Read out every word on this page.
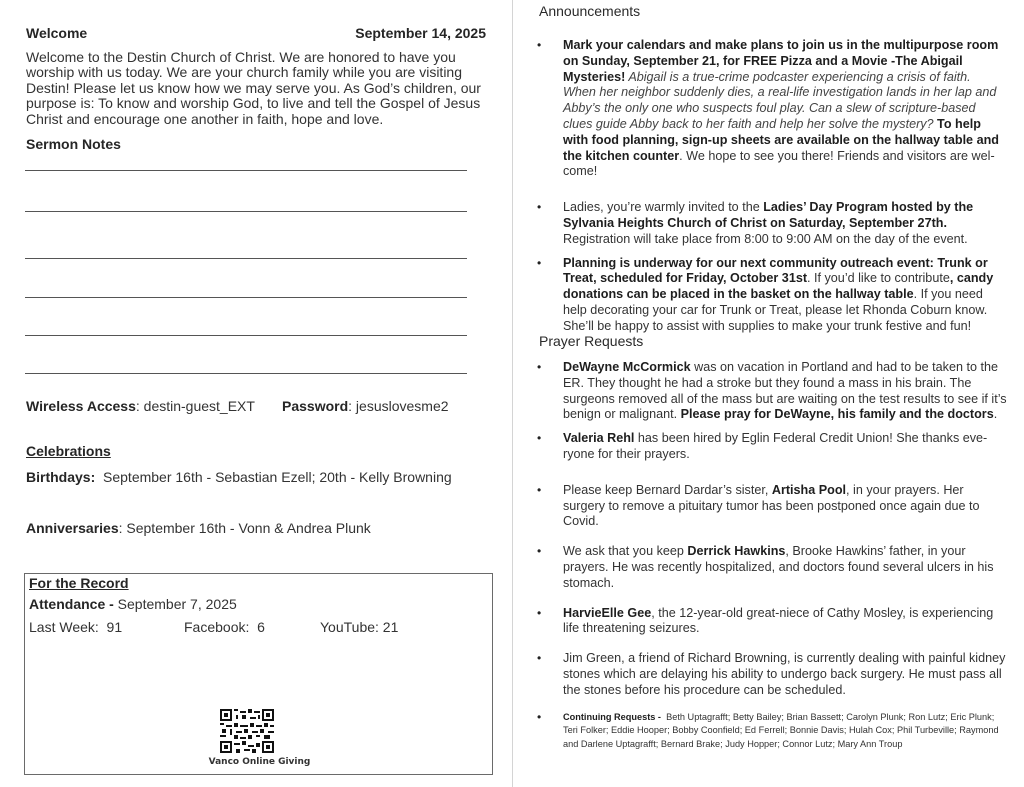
Welcome	September 14, 2025
Welcome to the Destin Church of Christ. We are honored to have you worship with us today. We are your church family while you are visiting Destin! Please let us know how we may serve you. As God’s children, our purpose is: To know and worship God, to live and tell the Gospel of Jesus Christ and encourage one another in faith, hope and love.
Sermon Notes
Wireless Access: destin-guest_EXT Password: jesuslovesme2
Celebrations
Birthdays:  September 16th - Sebastian Ezell; 20th - Kelly Browning
Anniversaries: September 16th - Vonn & Andrea Plunk
For the Record
Attendance - September 7, 2025
Last Week:  91	Facebook:  6	YouTube: 21
Vanco Online Giving
Announcements
• Mark your calendars and make plans to join us in the multipurpose room on Sunday, September 21, for FREE Pizza and a Movie -The Abigail Mysteries! Abigail is a true-crime podcaster experiencing a crisis of faith. When her neighbor suddenly dies, a real-life investigation lands in her lap and Abby’s the only one who suspects foul play. Can a slew of scripture-based clues guide Abby back to her faith and help her solve the mystery? To help with food planning, sign-up sheets are available on the hallway table and the kitchen counter. We hope to see you there! Friends and visitors are wel-come!
• Ladies, you’re warmly invited to the Ladies’ Day Program hosted by the Sylvania Heights Church of Christ on Saturday, September 27th. Registration will take place from 8:00 to 9:00 AM on the day of the event.
• Planning is underway for our next community outreach event: Trunk or Treat, scheduled for Friday, October 31st. If you’d like to contribute, candy donations can be placed in the basket on the hallway table. If you need help decorating your car for Trunk or Treat, please let Rhonda Coburn know. She’ll be happy to assist with supplies to make your trunk festive and fun!
Prayer Requests
• DeWayne McCormick was on vacation in Portland and had to be taken to the ER. They thought he had a stroke but they found a mass in his brain. The surgeons removed all of the mass but are waiting on the test results to see if it’s benign or malignant. Please pray for DeWayne, his family and the doctors.
• Valeria Rehl has been hired by Eglin Federal Credit Union! She thanks eve-ryone for their prayers.
• Please keep Bernard Dardar’s sister, Artisha Pool, in your prayers. Her surgery to remove a pituitary tumor has been postponed once again due to Covid.
• We ask that you keep Derrick Hawkins, Brooke Hawkins’ father, in your prayers. He was recently hospitalized, and doctors found several ulcers in his stomach.
• HarvieElle Gee, the 12-year-old great-niece of Cathy Mosley, is experiencing life threatening seizures.
• Jim Green, a friend of Richard Browning, is currently dealing with painful kidney stones which are delaying his ability to undergo back surgery. He must pass all the stones before his procedure can be scheduled.
• Continuing Requests -  Beth Uptagrafft; Betty Bailey; Brian Bassett; Carolyn Plunk; Ron Lutz; Eric Plunk; Teri Folker; Eddie Hooper; Bobby Coonfield; Ed Ferrell; Bonnie Davis; Hulah Cox; Phil Turbeville; Raymond and Darlene Uptagrafft; Bernard Brake; Judy Hopper; Connor Lutz; Mary Ann Troup
